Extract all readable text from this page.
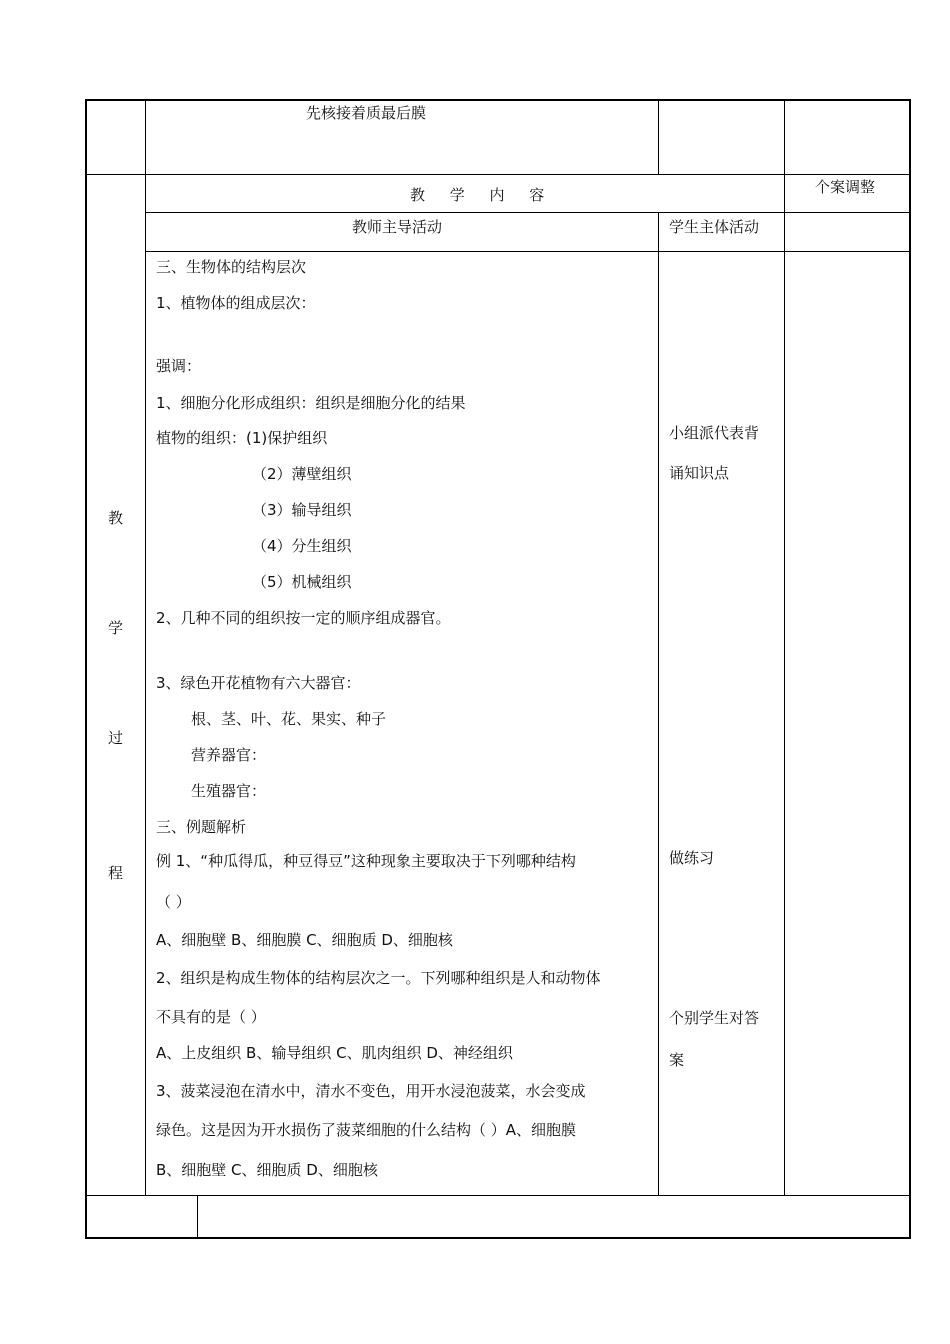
先核接着质最后膜
教 学 内 容	个案调整
教师主导活动	学生主体活动
教
学
过
程
三、生物体的结构层次
1、植物体的组成层次：
强调：
1、细胞分化形成组织：组织是细胞分化的结果
植物的组织：(1)保护组织
（2）薄壁组织
（3）输导组织
（4）分生组织
（5）机械组织
2、几种不同的组织按一定的顺序组成器官。
3、绿色开花植物有六大器官：
根、茎、叶、花、果实、种子
营养器官：
生殖器官：
三、例题解析
例 1、“种瓜得瓜，种豆得豆”这种现象主要取决于下列哪种结构
（ ）
A、细胞壁 B、细胞膜 C、细胞质 D、细胞核
2、组织是构成生物体的结构层次之一。下列哪种组织是人和动物体
不具有的是（ ）
A、上皮组织 B、输导组织 C、肌肉组织 D、神经组织
3、菠菜浸泡在清水中，清水不变色，用开水浸泡菠菜，水会变成
绿色。这是因为开水损伤了菠菜细胞的什么结构（ ）A、细胞膜
B、细胞壁 C、细胞质 D、细胞核
小组派代表背
诵知识点
做练习
个别学生对答
案
